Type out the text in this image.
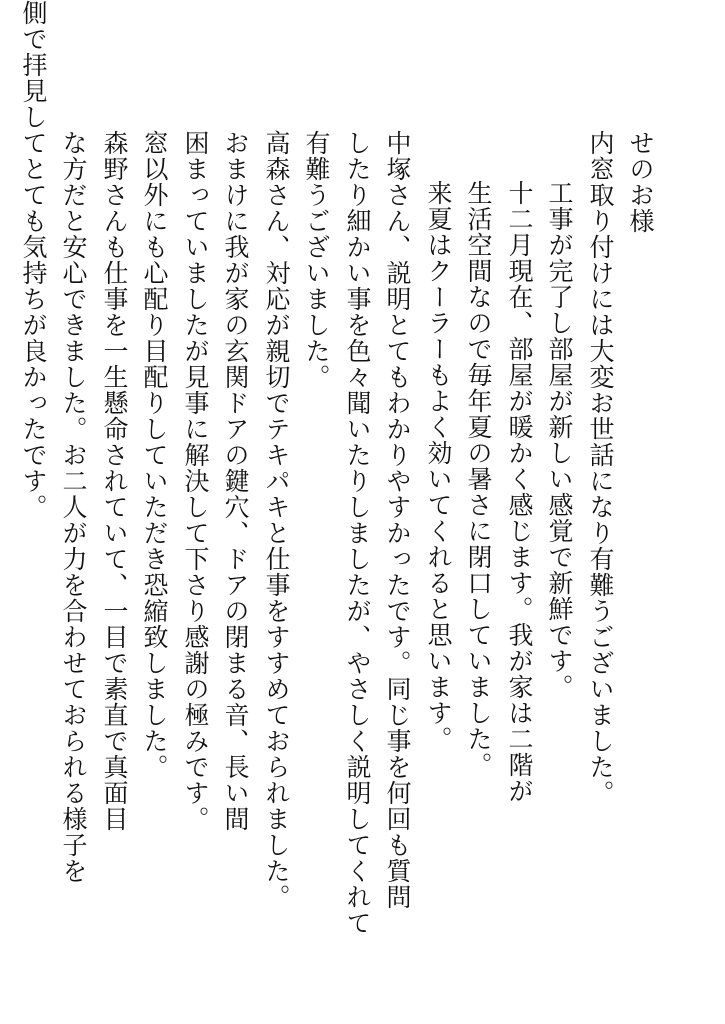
せのお様
内窓取り付けには大変お世話になり有難うございました。
工事が完了し部屋が新しい感覚で新鮮です。
十二月現在、部屋が暖かく感じます。我が家は二階が
生活空間なので毎年夏の暑さに閉口していました。
来夏はクーラーもよく効いてくれると思います。
中塚さん、説明とてもわかりやすかったです。同じ事を何回も質問
したり細かい事を色々聞いたりしましたが、やさしく説明してくれて
有難うございました。
高森さん、対応が親切でテキパキと仕事をすすめておられました。
おまけに我が家の玄関ドアの鍵穴、ドアの閉まる音、長い間
困まっていましたが見事に解決して下さり感謝の極みです。
窓以外にも心配り目配りしていただき恐縮致しました。
森野さんも仕事を一生懸命されていて、一目で素直で真面目
な方だと安心できました。お二人が力を合わせておられる様子を
側で拝見してとても気持ちが良かったです。
